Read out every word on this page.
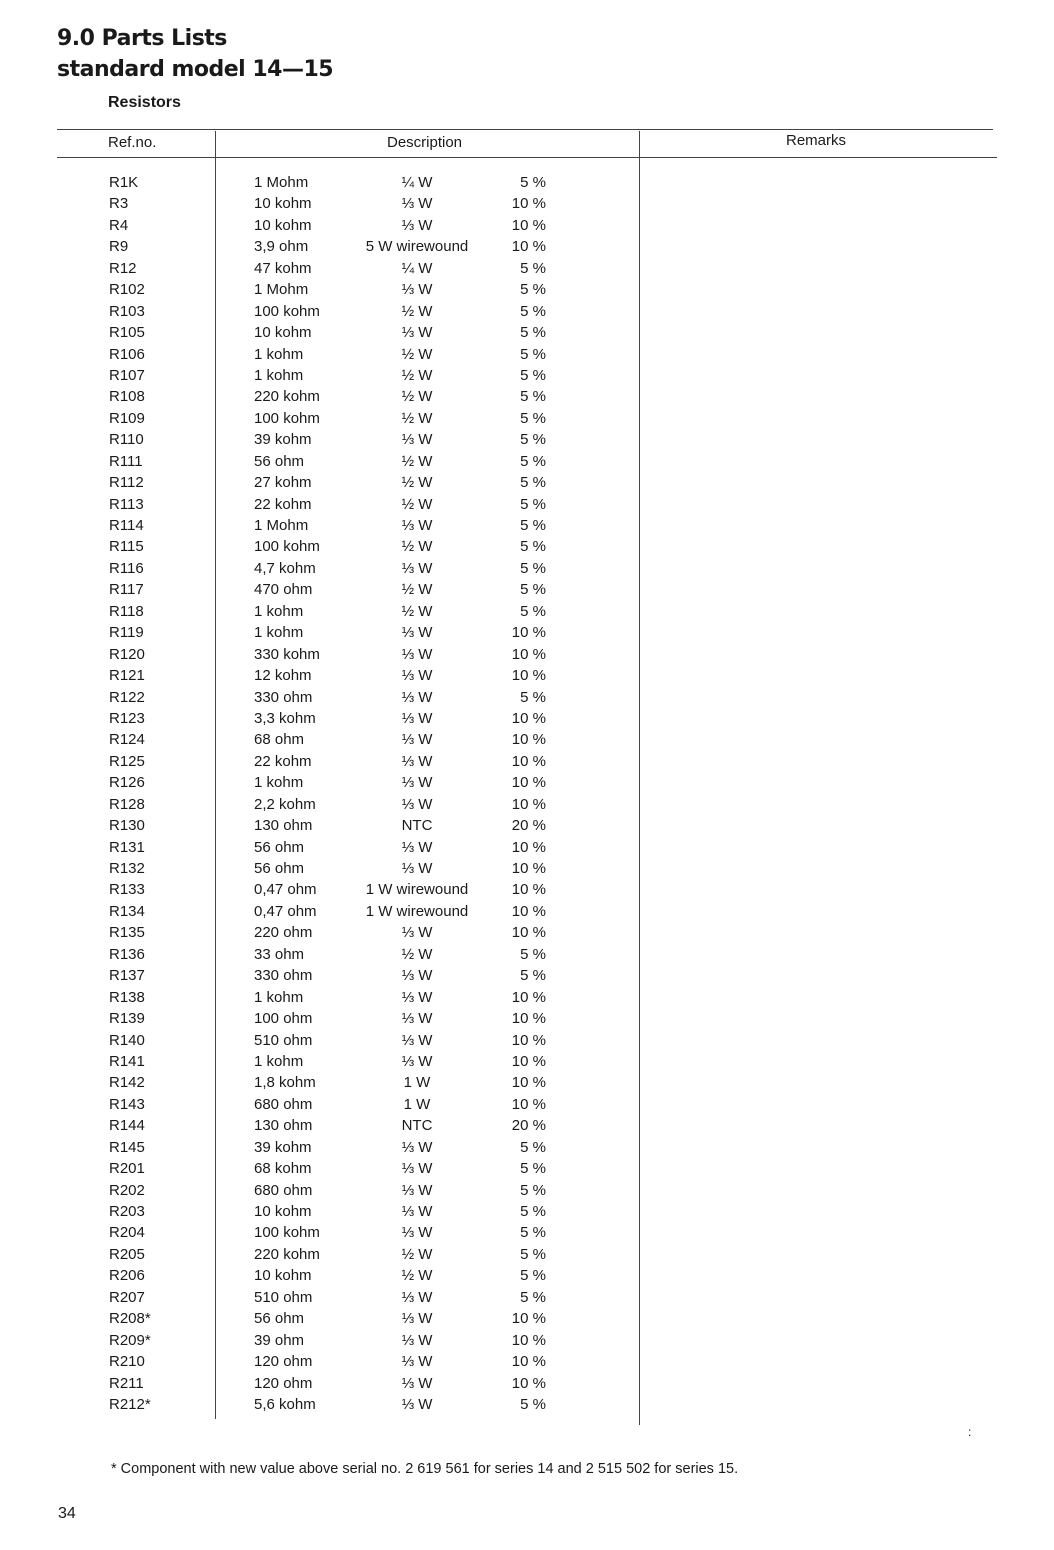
9.0 Parts Lists
standard model 14—15
Resistors
Ref.no.	Description	Remarks
R1K	1 Mohm	¼ W	5 %
R3	10 kohm	⅓ W	10 %
R4	10 kohm	⅓ W	10 %
R9	3,9 ohm	5 W wirewound	10 %
R12	47 kohm	¼ W	5 %
R102	1 Mohm	⅓ W	5 %
R103	100 kohm	½ W	5 %
R105	10 kohm	⅓ W	5 %
R106	1 kohm	½ W	5 %
R107	1 kohm	½ W	5 %
R108	220 kohm	½ W	5 %
R109	100 kohm	½ W	5 %
R110	39 kohm	⅓ W	5 %
R111	56 ohm	½ W	5 %
R112	27 kohm	½ W	5 %
R113	22 kohm	½ W	5 %
R114	1 Mohm	⅓ W	5 %
R115	100 kohm	½ W	5 %
R116	4,7 kohm	⅓ W	5 %
R117	470 ohm	½ W	5 %
R118	1 kohm	½ W	5 %
R119	1 kohm	⅓ W	10 %
R120	330 kohm	⅓ W	10 %
R121	12 kohm	⅓ W	10 %
R122	330 ohm	⅓ W	5 %
R123	3,3 kohm	⅓ W	10 %
R124	68 ohm	⅓ W	10 %
R125	22 kohm	⅓ W	10 %
R126	1 kohm	⅓ W	10 %
R128	2,2 kohm	⅓ W	10 %
R130	130 ohm	NTC	20 %
R131	56 ohm	⅓ W	10 %
R132	56 ohm	⅓ W	10 %
R133	0,47 ohm	1 W wirewound	10 %
R134	0,47 ohm	1 W wirewound	10 %
R135	220 ohm	⅓ W	10 %
R136	33 ohm	½ W	5 %
R137	330 ohm	⅓ W	5 %
R138	1 kohm	⅓ W	10 %
R139	100 ohm	⅓ W	10 %
R140	510 ohm	⅓ W	10 %
R141	1 kohm	⅓ W	10 %
R142	1,8 kohm	1 W	10 %
R143	680 ohm	1 W	10 %
R144	130 ohm	NTC	20 %
R145	39 kohm	⅓ W	5 %
R201	68 kohm	⅓ W	5 %
R202	680 ohm	⅓ W	5 %
R203	10 kohm	⅓ W	5 %
R204	100 kohm	⅓ W	5 %
R205	220 kohm	½ W	5 %
R206	10 kohm	½ W	5 %
R207	510 ohm	⅓ W	5 %
R208*	56 ohm	⅓ W	10 %
R209*	39 ohm	⅓ W	10 %
R210	120 ohm	⅓ W	10 %
R211	120 ohm	⅓ W	10 %
R212*	5,6 kohm	⅓ W	5 %

* Component with new value above serial no. 2 619 561 for series 14 and 2 515 502 for series 15.

34

:
